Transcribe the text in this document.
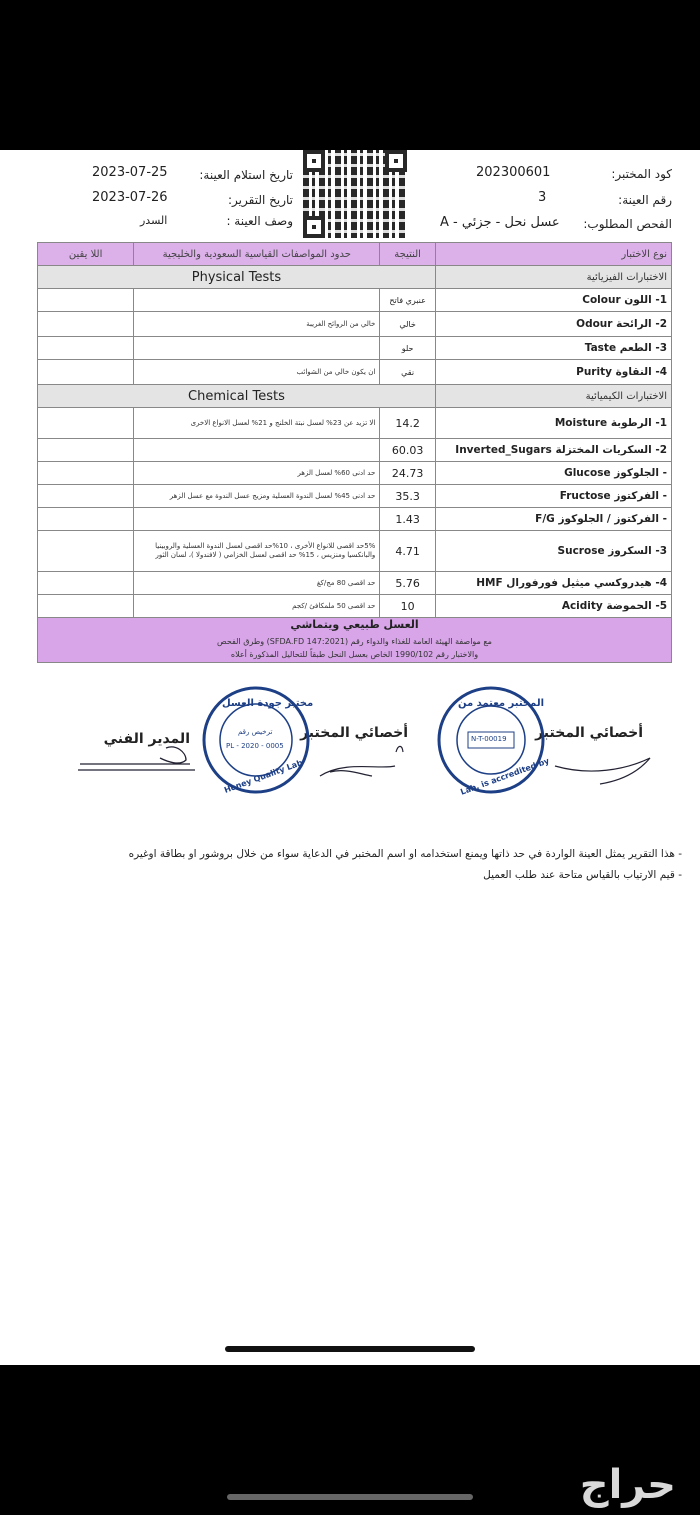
كود المختبر:
202300601
رقم العينة:
3
الفحص المطلوب:
عسل نحل - جزئي - A
تاريخ استلام العينة:
2023-07-25
تاريخ التقرير:
2023-07-26
وصف العينة :
السدر
نوع الاختبار	النتيجة	حدود المواصفات القياسية السعودية والخليجية	اللا يقين
الاختبارات الفيزيائية	Physical Tests		
1- اللون Colour	عنبري فاتح		
2- الرائحة Odour	خالي	خالي من الروائح الغريبة	
3- الطعم Taste	حلو		
4- النقاوة Purity	نقي	ان يكون خالي من الشوائب	
الاختبارات الكيميائية	Chemical Tests		
1- الرطوبة Moisture	14.2	الا تزيد عن 23% لعسل نبتة الخلنج و 21% لعسل الانواع الاخرى	
2- السكريات المختزلة Inverted_Sugars	60.03		
- الجلوكوز Glucose	24.73	حد ادنى 60% لعسل الزهر	
- الفركتوز Fructose	35.3	حد ادنى 45% لعسل الندوة العسلية ومزيج عسل الندوة مع عسل الزهر	
- الفركتوز / الجلوكوز F/G	1.43		
3- السكروز Sucrose	4.71	5%حد اقصى للانواع الأخرى ، 10%حد اقصى لعسل الندوة العسلية والروبينيا والبانكسيا ومنزيس ، 15% حد اقصى لعسل الخزامي ( لافندولا )، لسان الثور	
4- هيدروكسي ميثيل فورفورال HMF	5.76	حد اقصى 80 مج/كغ	
5- الحموضة Acidity	10	حد اقصى 50 ملمكافئ /كجم	

العسل طبيعي ويتماشي
مع مواصفة الهيئة العامة للغذاء والدواء رقم (SFDA.FD 147:2021) وطرق الفحص
والاختبار رقم 1990/102 الخاص بعسل النحل طبقاً للتحاليل المذكورة أعلاه			
أخصائي المختبر
أخصائي المختبر
المدير الفني
مختبر جودة العسل
ترخيص رقم
PL - 2020 - 0005
Honey Quality Lab
المختبر معتمد من
N-T-00019
Lab. is accredited by
- هذا التقرير يمثل العينة الواردة في حد ذاتها ويمنع استخدامه او اسم المختبر في الدعاية سواء من خلال بروشور او بطاقة اوغيره
- قيم الارتياب بالقياس متاحة عند طلب العميل
حراج
